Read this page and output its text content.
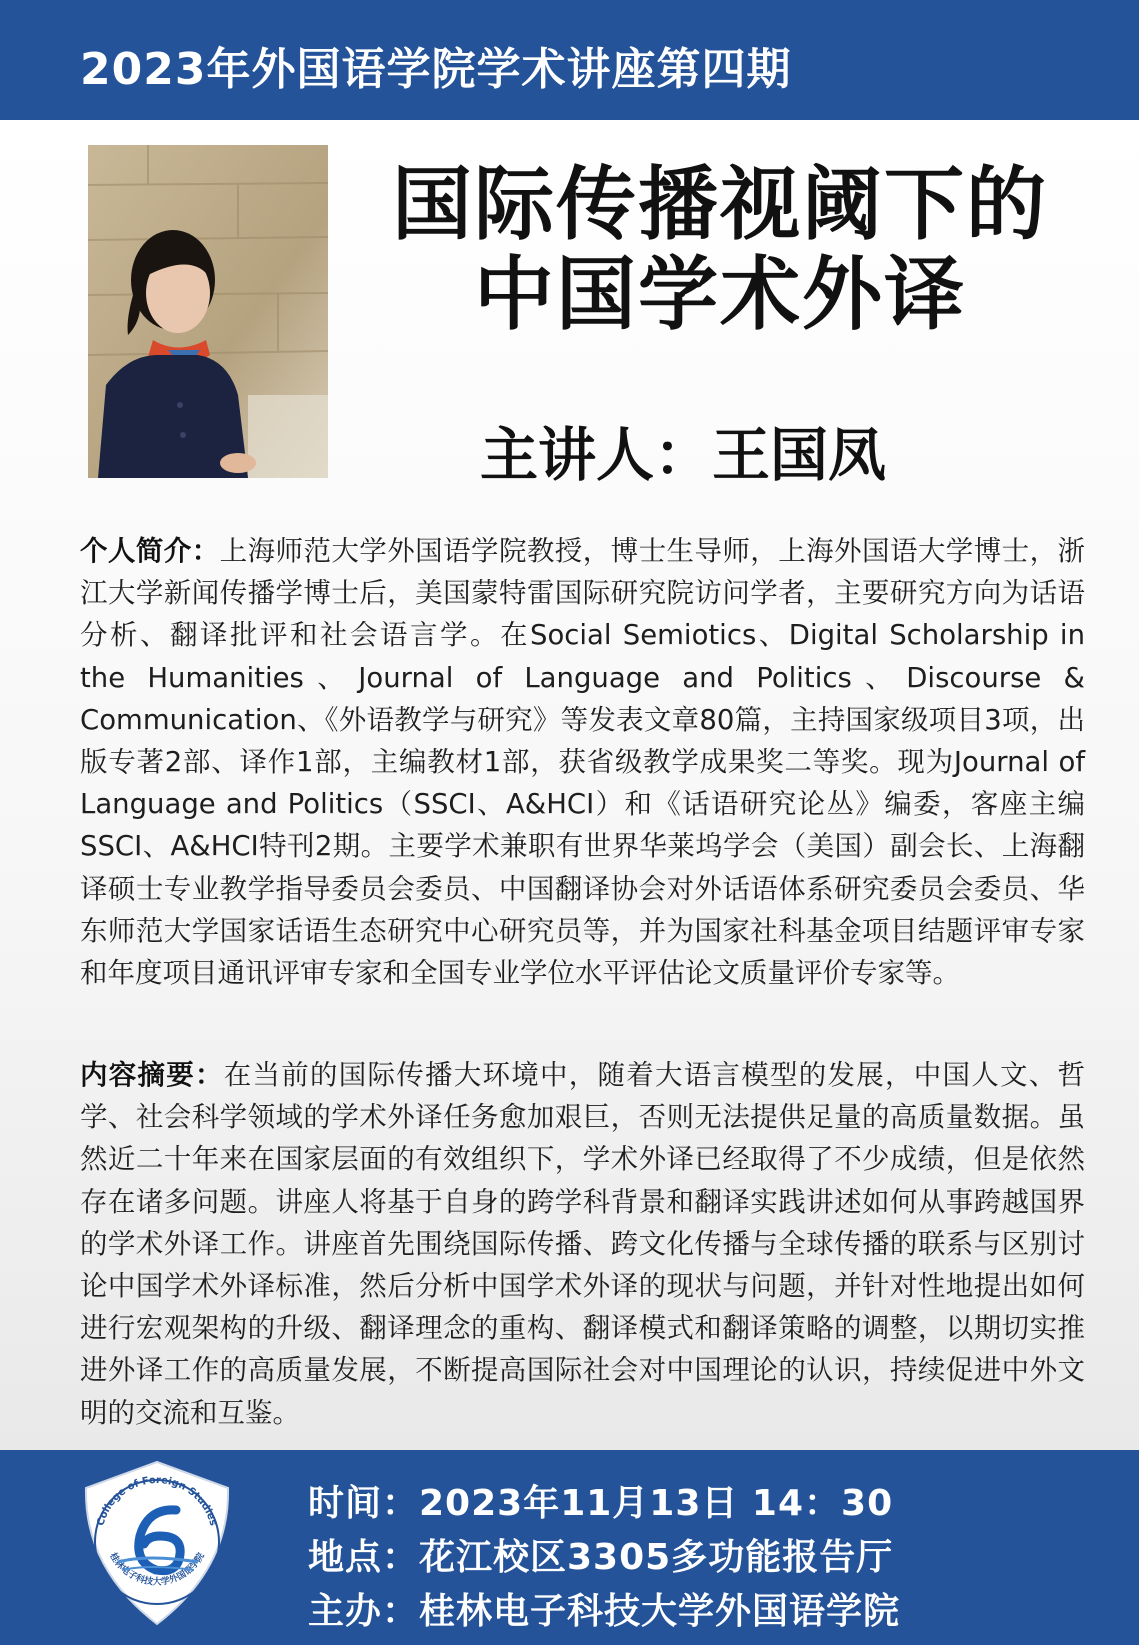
2023年外国语学院学术讲座第四期
国际传播视阈下的
中国学术外译
主讲人：王国凤
个人简介：上海师范大学外国语学院教授，博士生导师，上海外国语大学博士，浙江大学新闻传播学博士后，美国蒙特雷国际研究院访问学者，主要研究方向为话语分析、翻译批评和社会语言学。在Social Semiotics、Digital Scholarship in the Humanities、Journal of Language and Politics、Discourse & Communication、《外语教学与研究》等发表文章80篇，主持国家级项目3项，出版专著2部、译作1部，主编教材1部，获省级教学成果奖二等奖。现为Journal of Language and Politics（SSCI、A&HCI）和《话语研究论丛》编委，客座主编SSCI、A&HCI特刊2期。主要学术兼职有世界华莱坞学会（美国）副会长、上海翻译硕士专业教学指导委员会委员、中国翻译协会对外话语体系研究委员会委员、华东师范大学国家话语生态研究中心研究员等，并为国家社科基金项目结题评审专家和年度项目通讯评审专家和全国专业学位水平评估论文质量评价专家等。
内容摘要：在当前的国际传播大环境中，随着大语言模型的发展，中国人文、哲学、社会科学领域的学术外译任务愈加艰巨，否则无法提供足量的高质量数据。虽然近二十年来在国家层面的有效组织下，学术外译已经取得了不少成绩，但是依然存在诸多问题。讲座人将基于自身的跨学科背景和翻译实践讲述如何从事跨越国界的学术外译工作。讲座首先围绕国际传播、跨文化传播与全球传播的联系与区别讨论中国学术外译标准，然后分析中国学术外译的现状与问题，并针对性地提出如何进行宏观架构的升级、翻译理念的重构、翻译模式和翻译策略的调整，以期切实推进外译工作的高质量发展，不断提高国际社会对中国理论的认识，持续促进中外文明的交流和互鉴。
College of Foreign Studies
桂林电子科技大学外国语学院
时间：2023年11月13日 14：30
地点：花江校区3305多功能报告厅
主办：桂林电子科技大学外国语学院
